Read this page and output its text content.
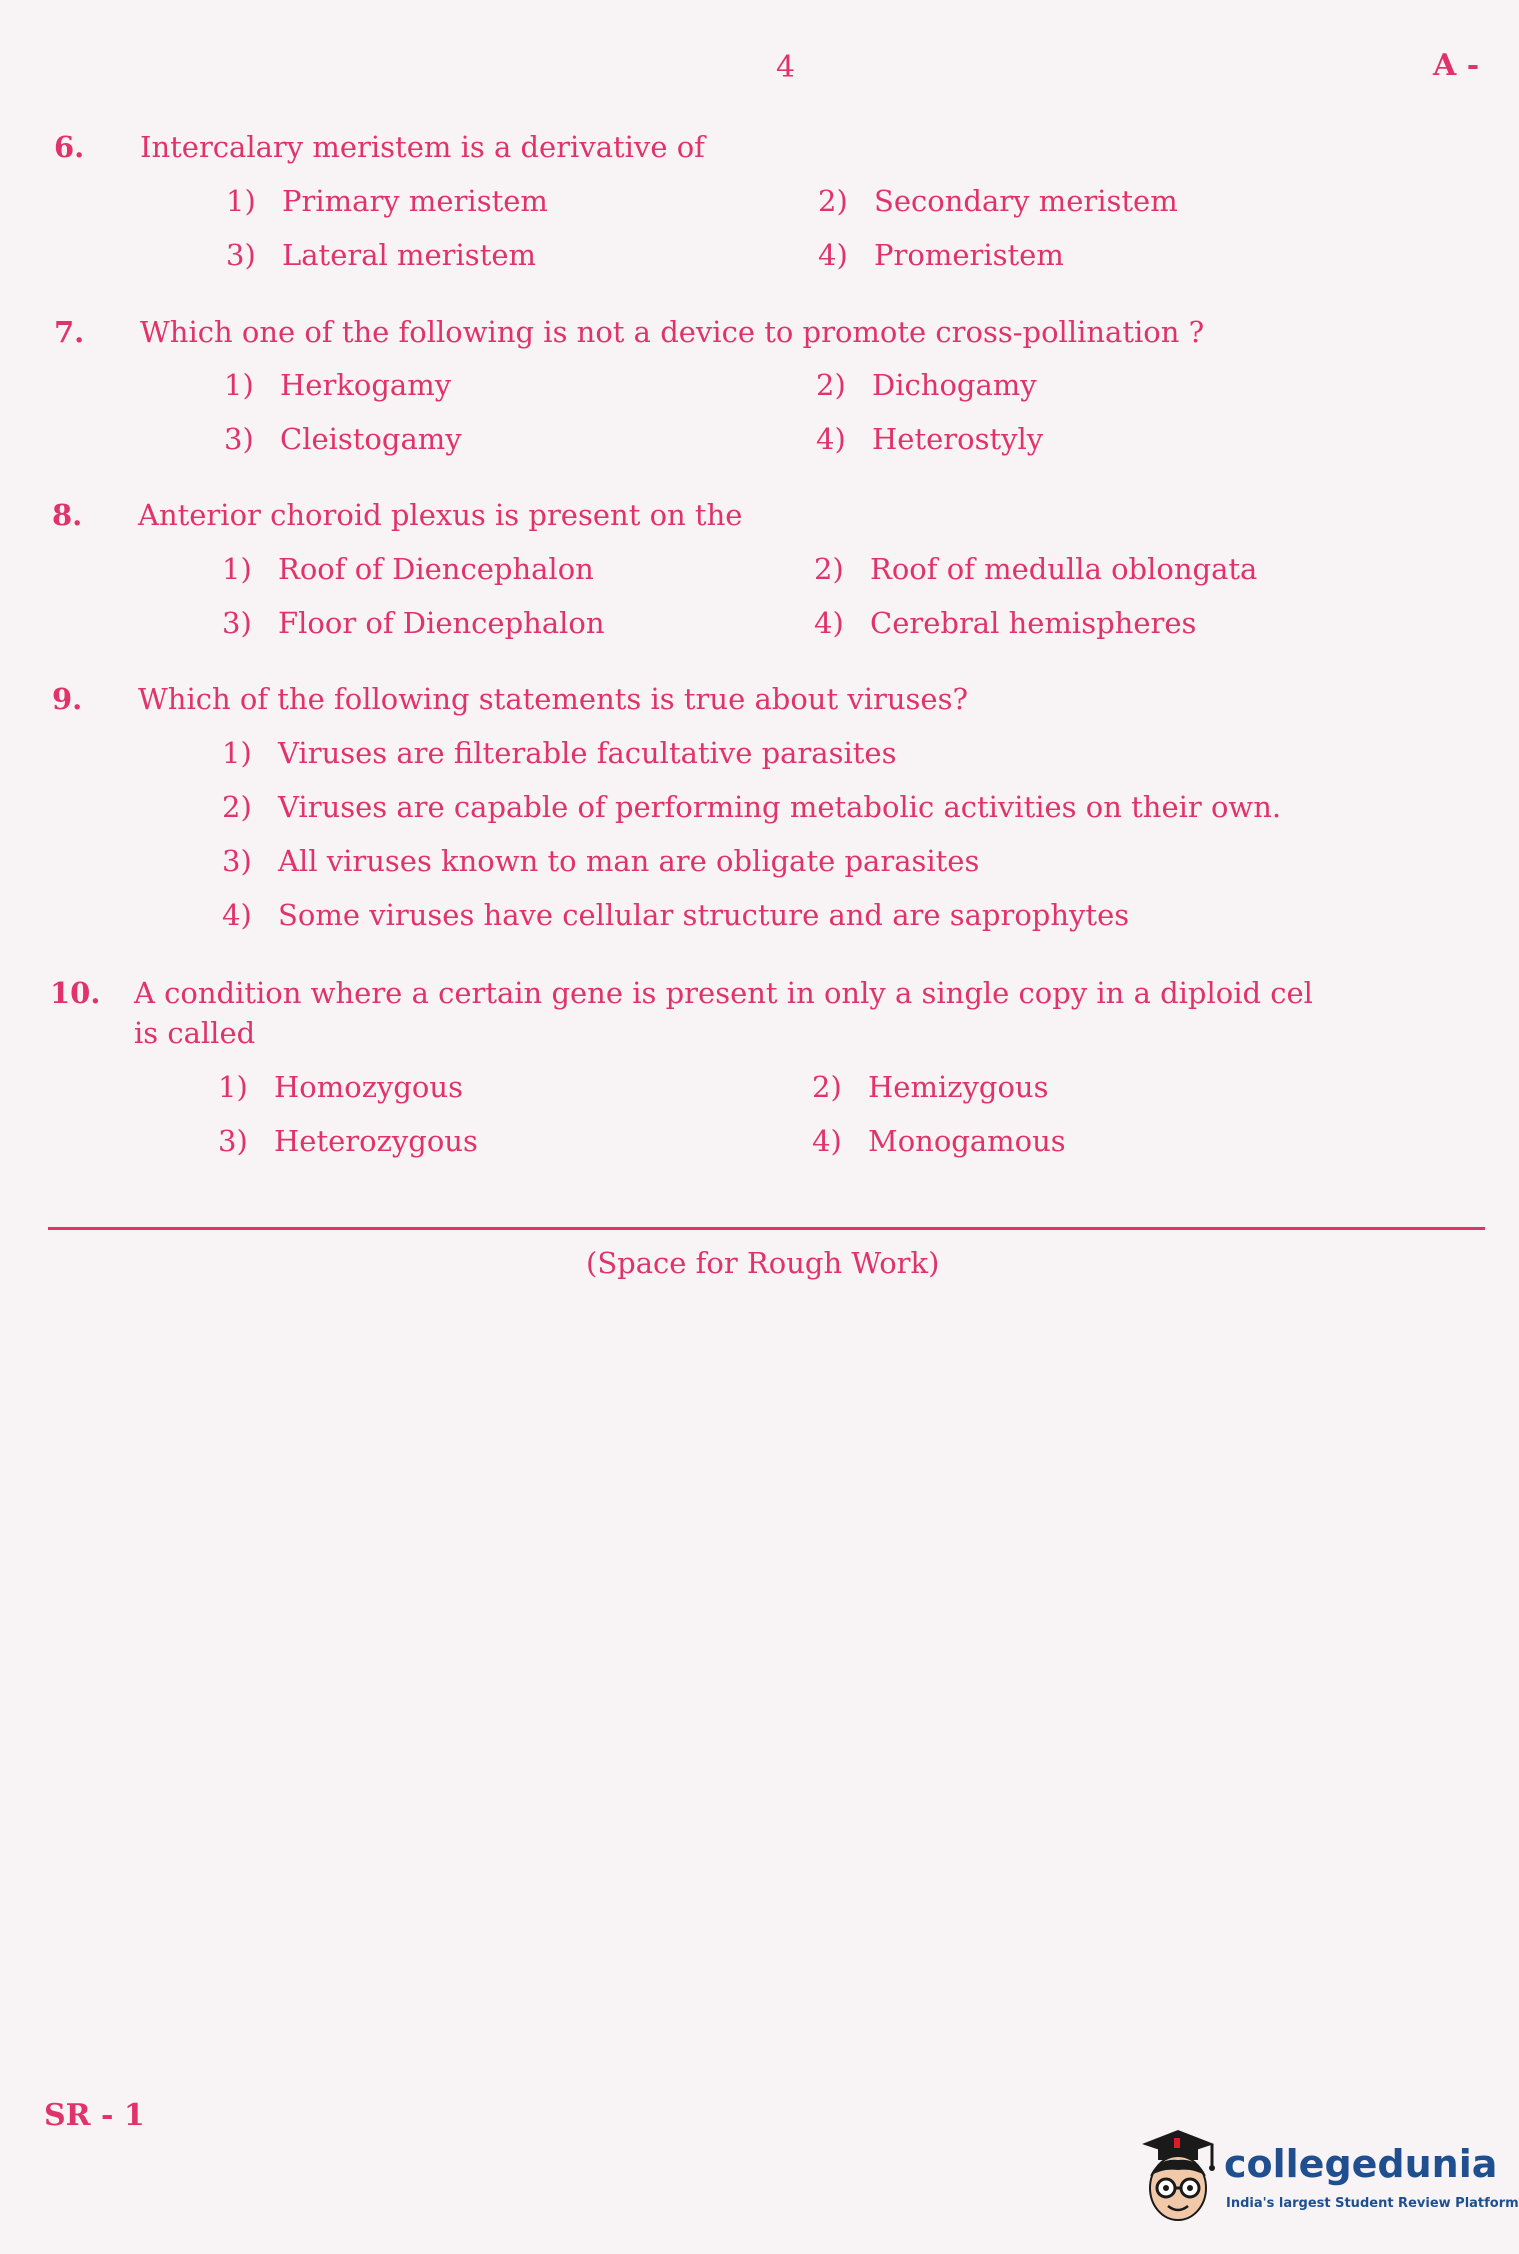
4	A -
6. Intercalary meristem is a derivative of
1) Primary meristem	2) Secondary meristem
3) Lateral meristem	4) Promeristem
7. Which one of the following is not a device to promote cross-pollination ?
1) Herkogamy	2) Dichogamy
3) Cleistogamy	4) Heterostyly
8. Anterior choroid plexus is present on the
1) Roof of Diencephalon	2) Roof of medulla oblongata
3) Floor of Diencephalon	4) Cerebral hemispheres
9. Which of the following statements is true about viruses?
1) Viruses are filterable facultative parasites
2) Viruses are capable of performing metabolic activities on their own.
3) All viruses known to man are obligate parasites
4) Some viruses have cellular structure and are saprophytes
10. A condition where a certain gene is present in only a single copy in a diploid cel
is called
1) Homozygous	2) Hemizygous
3) Heterozygous	4) Monogamous
(Space for Rough Work)
SR - 1
collegedunia
India's largest Student Review Platform
